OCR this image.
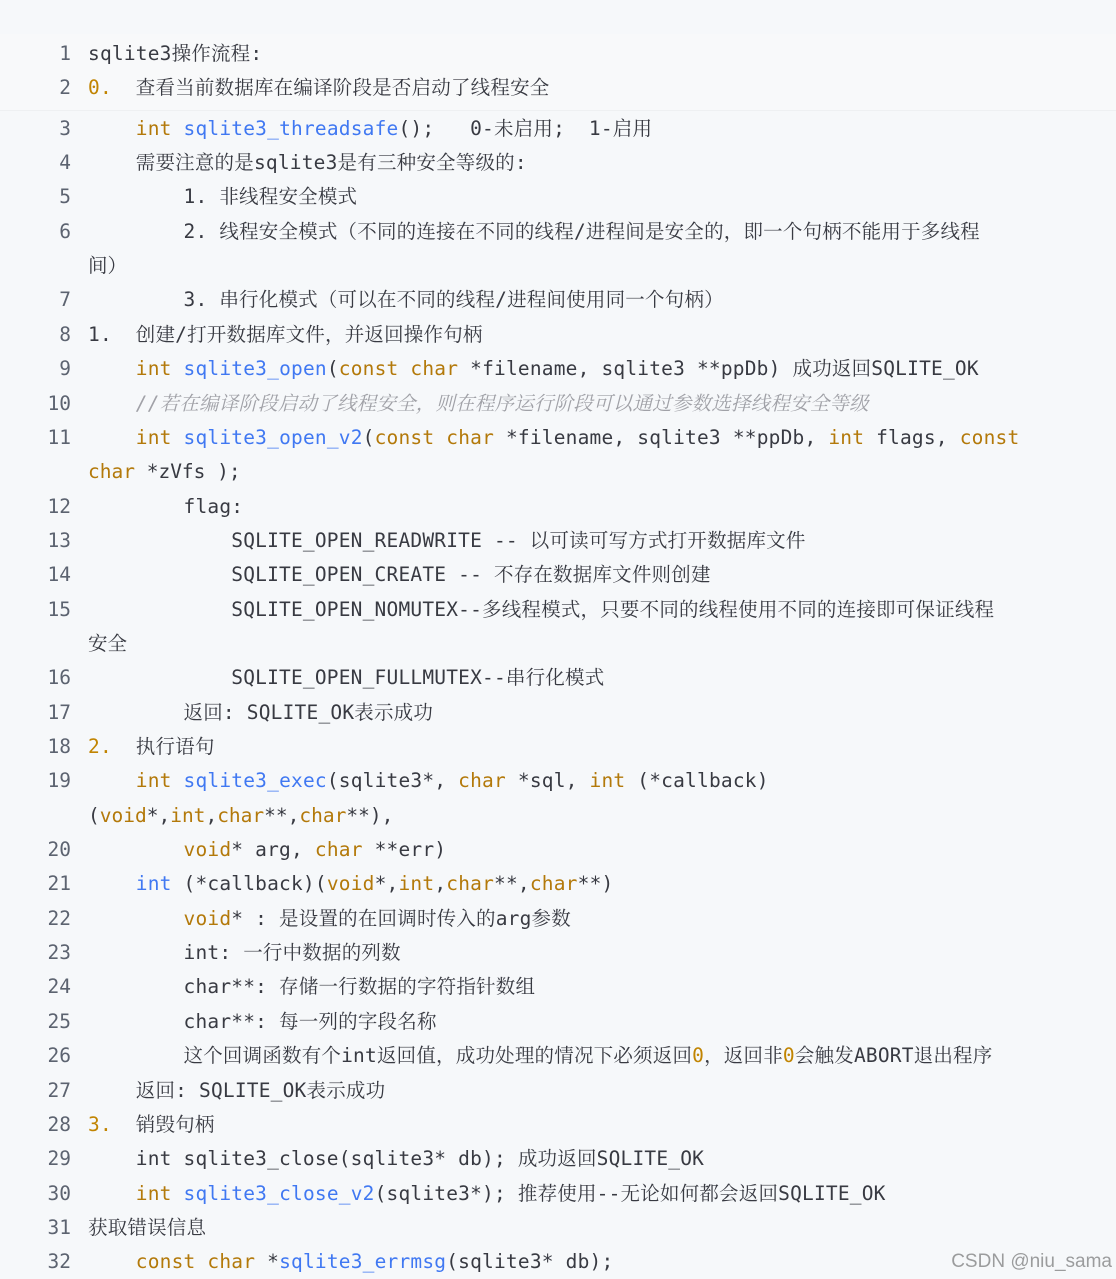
1 sqlite3操作流程:
2 0.  查看当前数据库在编译阶段是否启动了线程安全
3 int sqlite3_threadsafe();   0-未启用;  1-启用
4 需要注意的是sqlite3是有三种安全等级的:
5 1. 非线程安全模式
6 2. 线程安全模式（不同的连接在不同的线程/进程间是安全的，即一个句柄不能用于多线程
间）
7 3. 串行化模式（可以在不同的线程/进程间使用同一个句柄）
8 1.  创建/打开数据库文件，并返回操作句柄
9 int sqlite3_open(const char *filename, sqlite3 **ppDb) 成功返回SQLITE_OK
10 //若在编译阶段启动了线程安全，则在程序运行阶段可以通过参数选择线程安全等级
11 int sqlite3_open_v2(const char *filename, sqlite3 **ppDb, int flags, const
char *zVfs );
12 flag:
13 SQLITE_OPEN_READWRITE -- 以可读可写方式打开数据库文件
14 SQLITE_OPEN_CREATE -- 不存在数据库文件则创建
15 SQLITE_OPEN_NOMUTEX--多线程模式，只要不同的线程使用不同的连接即可保证线程
安全
16 SQLITE_OPEN_FULLMUTEX--串行化模式
17 返回: SQLITE_OK表示成功
18 2.  执行语句
19 int sqlite3_exec(sqlite3*, char *sql, int (*callback)
(void*,int,char**,char**),
20 void* arg, char **err)
21 int (*callback)(void*,int,char**,char**)
22 void* : 是设置的在回调时传入的arg参数
23 int: 一行中数据的列数
24 char**: 存储一行数据的字符指针数组
25 char**: 每一列的字段名称
26 这个回调函数有个int返回值，成功处理的情况下必须返回0，返回非0会触发ABORT退出程序
27 返回: SQLITE_OK表示成功
28 3.  销毁句柄
29 int sqlite3_close(sqlite3* db); 成功返回SQLITE_OK
30 int sqlite3_close_v2(sqlite3*); 推荐使用--无论如何都会返回SQLITE_OK
31 获取错误信息
32 const char *sqlite3_errmsg(sqlite3* db);	CSDN @niu_sama
